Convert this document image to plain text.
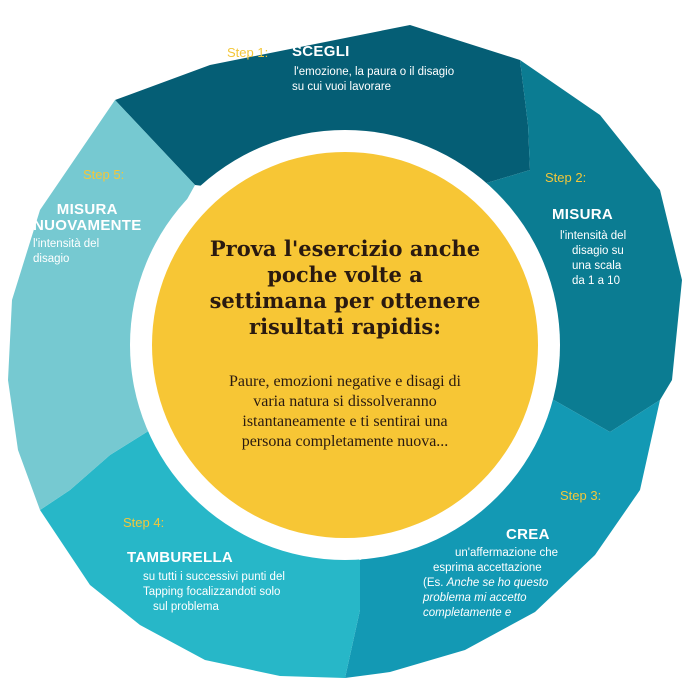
Step 1: SCEGLI
l'emozione, la paura o il disagio
su cui vuoi lavorare
Step 2:
MISURA
l'intensità del
disagio su
una scala
da 1 a 10
Step 3:
CREA
un'affermazione che
esprima accettazione
(Es. Anche se ho questo
problema mi accetto
completamente e
Step 4:
TAMBURELLA
su tutti i successivi punti del
Tapping focalizzandoti solo
sul problema
Step 5:
MISURA
NUOVAMENTE
l'intensità del
disagio	Prova l'esercizio anche
poche volte a
settimana per ottenere
risultati rapidis:
Paure, emozioni negative e disagi di
varia natura si dissolveranno
istantaneamente e ti sentirai una
persona completamente nuova...
